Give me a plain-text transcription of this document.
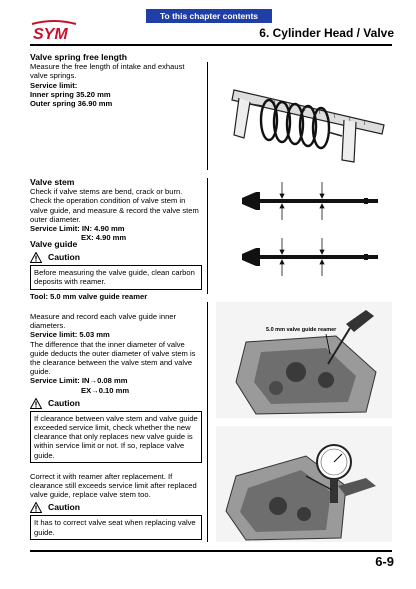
SYM
To this chapter contents
6. Cylinder Head / Valve
Valve spring free length
Measure the free length of intake and exhaust valve springs.
Service limit:
Inner spring 35.20 mm
Outer spring 36.90 mm
Valve stem
Check if valve stems are bend, crack or burn. Check the operation condition of valve stem in valve guide, and measure & record the valve stem outer diameter.
Service Limit: IN: 4.90 mm
EX: 4.90 mm
Valve guide
Caution
Before measuring the valve guide, clean carbon deposits with reamer.
Tool: 5.0 mm valve guide reamer
Measure and record each valve guide inner diameters.
Service limit: 5.03 mm
The difference that the inner diameter of valve guide deducts the outer diameter of valve stem is the clearance between the valve stem and valve guide.
Service Limit: IN→0.08 mm
EX→0.10 mm
Caution
If clearance between valve stem and valve guide exceeded service limit, check whether the new clearance that only replaces new valve guide is within service limit or not. If so, replace valve guide.
Correct it with reamer after replacement. If clearance still exceeds service limit after replaced valve guide, replace valve stem too.
Caution
It has to correct valve seat when replacing valve guide.
5.0 mm valve guide reamer
6-9
